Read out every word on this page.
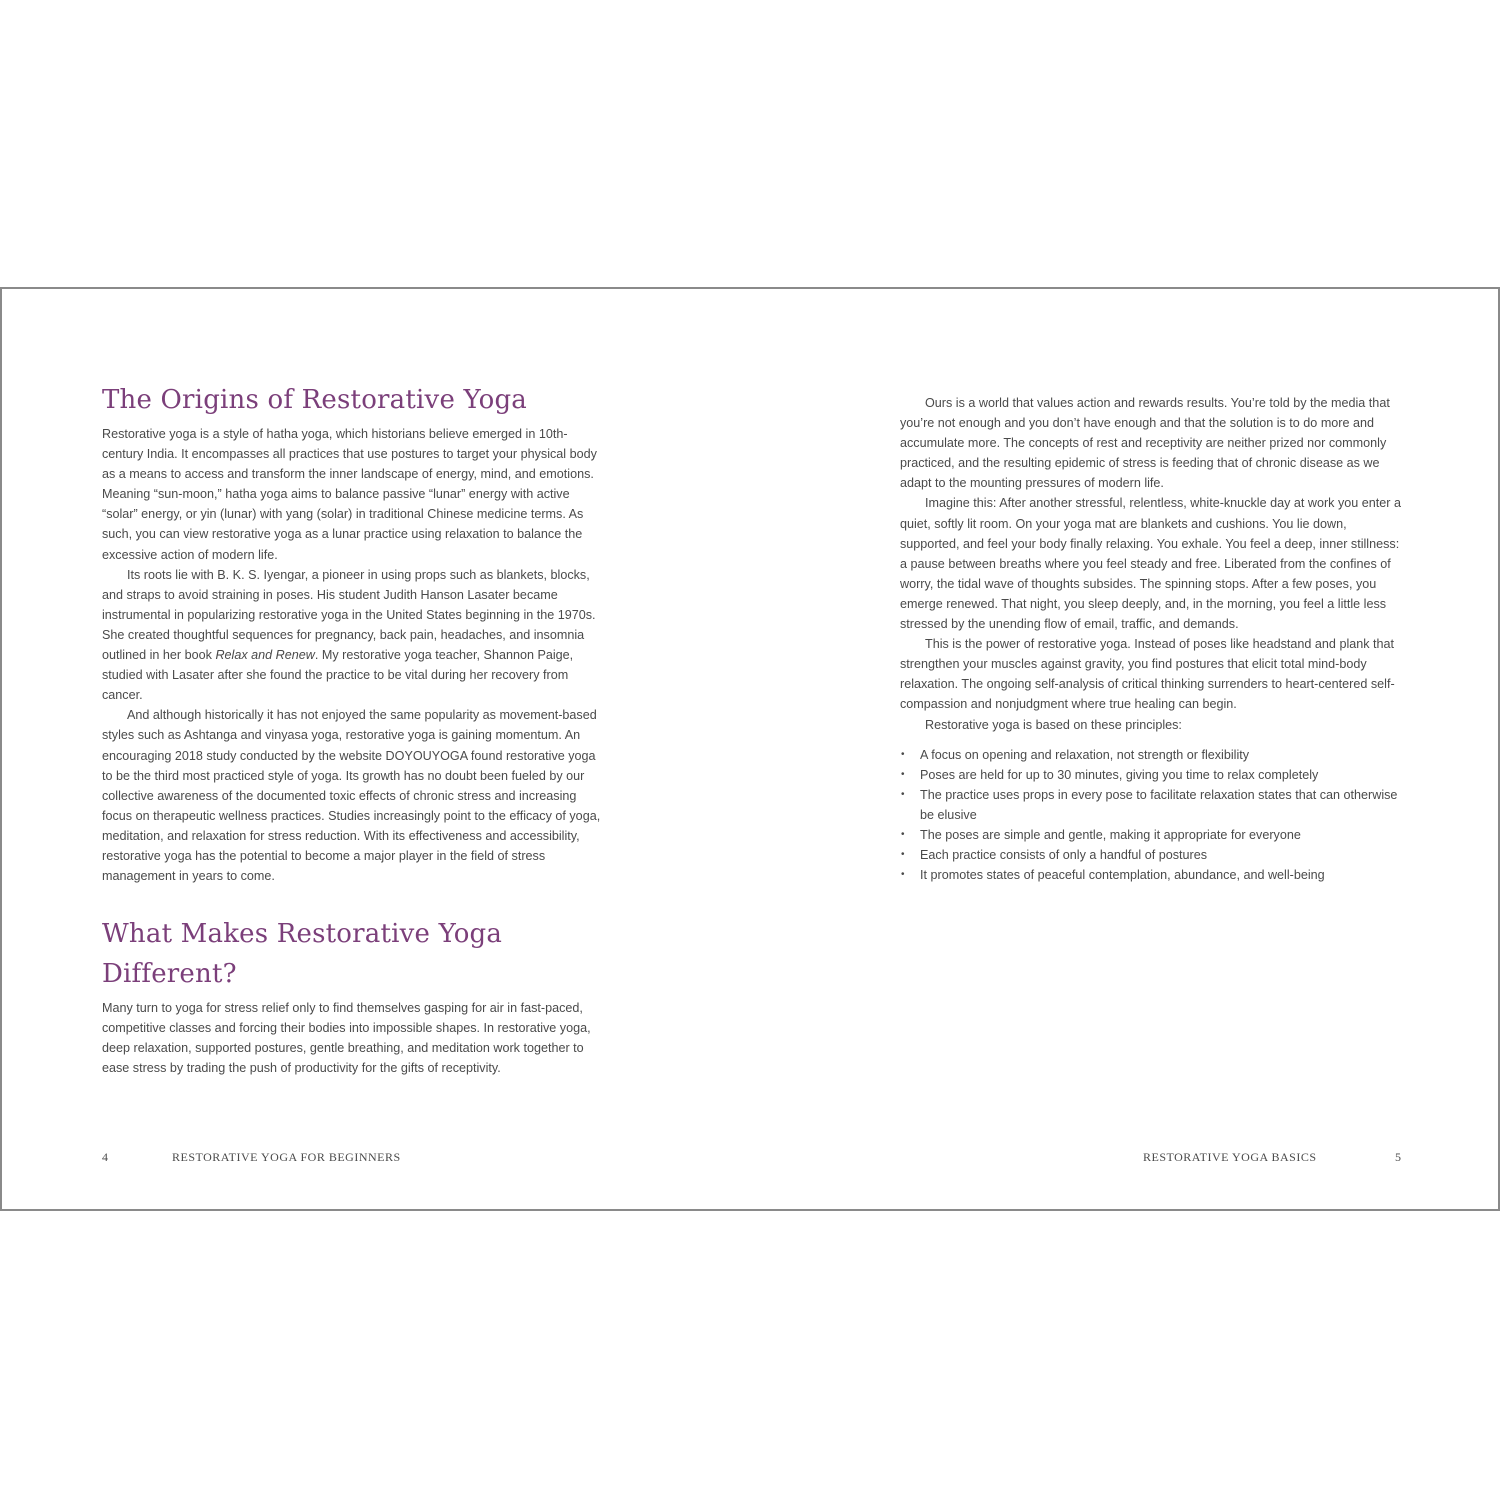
The Origins of Restorative Yoga

Restorative yoga is a style of hatha yoga, which historians believe emerged in 10th-century India. It encompasses all practices that use postures to target your physical body as a means to access and transform the inner landscape of energy, mind, and emotions. Meaning “sun-moon,” hatha yoga aims to balance passive “lunar” energy with active “solar” energy, or yin (lunar) with yang (solar) in traditional Chinese medicine terms. As such, you can view restorative yoga as a lunar practice using relaxation to balance the excessive action of modern life.

Its roots lie with B. K. S. Iyengar, a pioneer in using props such as blankets, blocks, and straps to avoid straining in poses. His student Judith Hanson Lasater became instrumental in popularizing restorative yoga in the United States beginning in the 1970s. She created thoughtful sequences for pregnancy, back pain, headaches, and insomnia outlined in her book Relax and Renew. My restorative yoga teacher, Shannon Paige, studied with Lasater after she found the practice to be vital during her recovery from cancer.

And although historically it has not enjoyed the same popularity as movement-based styles such as Ashtanga and vinyasa yoga, restorative yoga is gaining momentum. An encouraging 2018 study conducted by the website DOYOUYOGA found restorative yoga to be the third most practiced style of yoga. Its growth has no doubt been fueled by our collective awareness of the documented toxic effects of chronic stress and increasing focus on therapeutic wellness practices. Studies increasingly point to the efficacy of yoga, meditation, and relaxation for stress reduction. With its effectiveness and accessibility, restorative yoga has the potential to become a major player in the field of stress management in years to come.

What Makes Restorative Yoga Different?

Many turn to yoga for stress relief only to find themselves gasping for air in fast-paced, competitive classes and forcing their bodies into impossible shapes. In restorative yoga, deep relaxation, supported postures, gentle breathing, and meditation work together to ease stress by trading the push of productivity for the gifts of receptivity.

4	RESTORATIVE YOGA FOR BEGINNERS

Ours is a world that values action and rewards results. You’re told by the media that you’re not enough and you don’t have enough and that the solution is to do more and accumulate more. The concepts of rest and receptivity are neither prized nor commonly practiced, and the resulting epidemic of stress is feeding that of chronic disease as we adapt to the mounting pressures of modern life.

Imagine this: After another stressful, relentless, white-knuckle day at work you enter a quiet, softly lit room. On your yoga mat are blankets and cushions. You lie down, supported, and feel your body finally relaxing. You exhale. You feel a deep, inner stillness: a pause between breaths where you feel steady and free. Liberated from the confines of worry, the tidal wave of thoughts subsides. The spinning stops. After a few poses, you emerge renewed. That night, you sleep deeply, and, in the morning, you feel a little less stressed by the unending flow of email, traffic, and demands.

This is the power of restorative yoga. Instead of poses like headstand and plank that strengthen your muscles against gravity, you find postures that elicit total mind-body relaxation. The ongoing self-analysis of critical thinking surrenders to heart-centered self-compassion and nonjudgment where true healing can begin.

Restorative yoga is based on these principles:

• A focus on opening and relaxation, not strength or flexibility
• Poses are held for up to 30 minutes, giving you time to relax completely
• The practice uses props in every pose to facilitate relaxation states that can otherwise be elusive
• The poses are simple and gentle, making it appropriate for everyone
• Each practice consists of only a handful of postures
• It promotes states of peaceful contemplation, abundance, and well-being
RESTORATIVE YOGA BASICS	5
